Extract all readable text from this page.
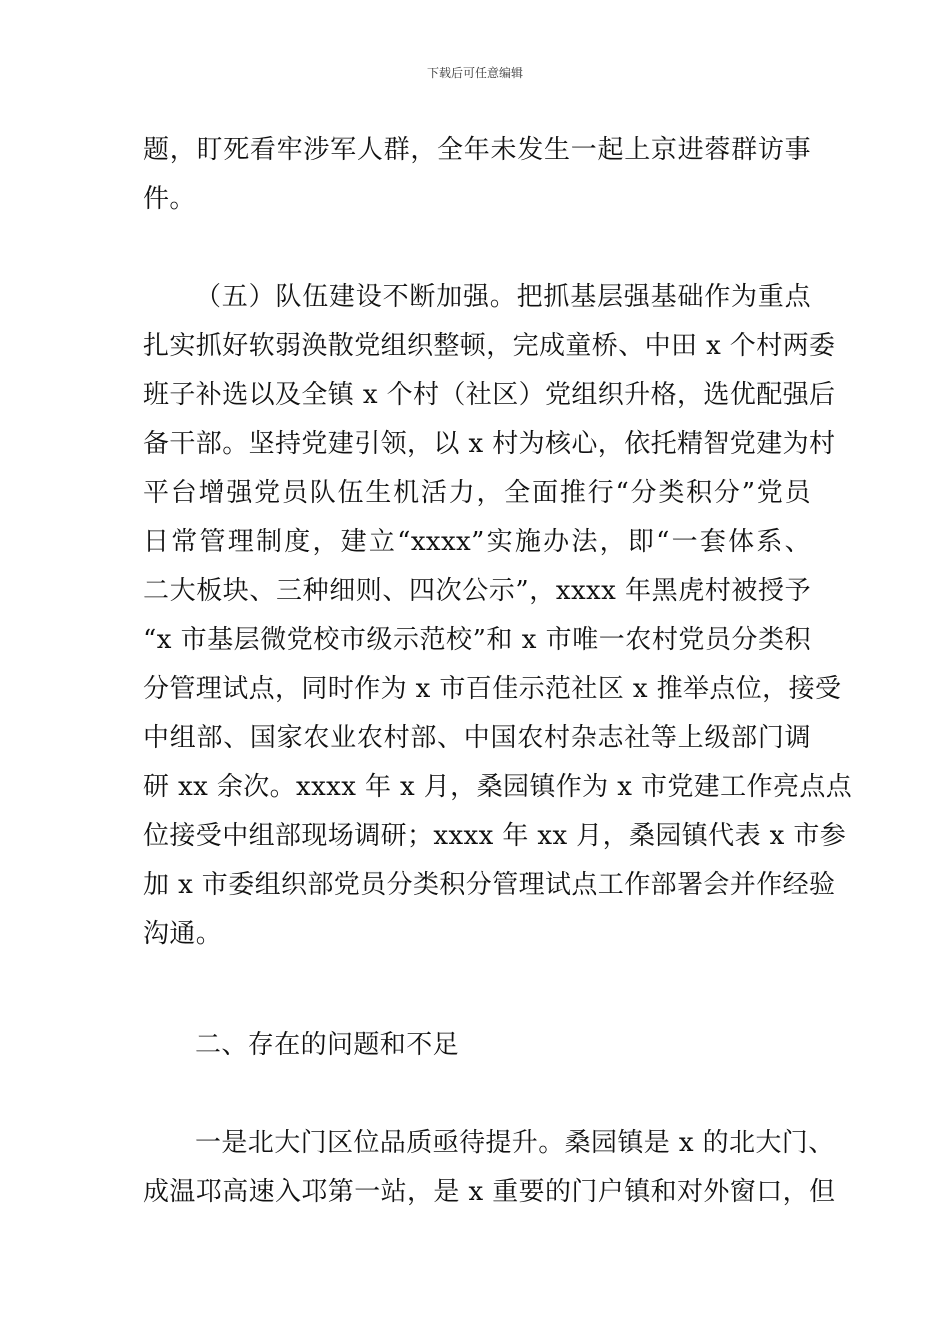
下载后可任意编辑
题，盯死看牢涉军人群，全年未发生一起上京进蓉群访事
件。
（五）队伍建设不断加强。把抓基层强基础作为重点
扎实抓好软弱涣散党组织整顿，完成童桥、中田 x 个村两委
班子补选以及全镇 x 个村（社区）党组织升格，选优配强后
备干部。坚持党建引领，以 x 村为核心，依托精智党建为村
平台增强党员队伍生机活力，全面推行“分类积分”党员
日常管理制度，建立“xxxx”实施办法，即“一套体系、
二大板块、三种细则、四次公示”，xxxx 年黑虎村被授予
“x 市基层微党校市级示范校”和 x 市唯一农村党员分类积
分管理试点，同时作为 x 市百佳示范社区 x 推举点位，接受
中组部、国家农业农村部、中国农村杂志社等上级部门调
研 xx 余次。xxxx 年 x 月，桑园镇作为 x 市党建工作亮点点
位接受中组部现场调研；xxxx 年 xx 月，桑园镇代表 x 市参
加 x 市委组织部党员分类积分管理试点工作部署会并作经验
沟通。
二、存在的问题和不足
一是北大门区位品质亟待提升。桑园镇是 x 的北大门、
成温邛高速入邛第一站，是 x 重要的门户镇和对外窗口，但
